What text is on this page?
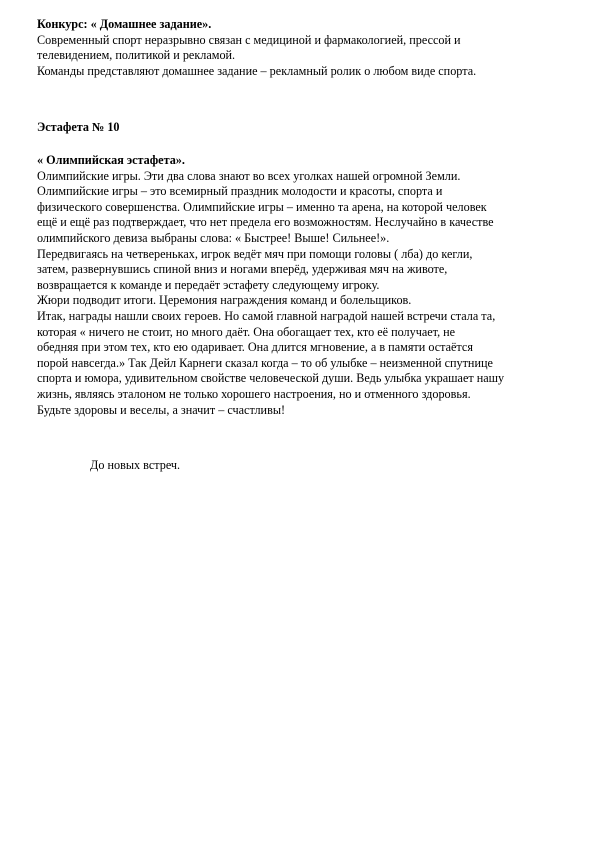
Конкурс: « Домашнее задание».
Современный спорт неразрывно связан с медициной и фармакологией, прессой и
телевидением, политикой и рекламой.
Команды представляют домашнее задание – рекламный ролик о любом виде спорта.
Эстафета № 10
« Олимпийская эстафета».
Олимпийские игры. Эти два слова знают во всех уголках нашей огромной Земли.
Олимпийские игры – это всемирный праздник молодости и красоты, спорта и
физического совершенства. Олимпийские игры – именно та арена, на которой человек
ещё и ещё раз подтверждает, что нет предела его возможностям. Неслучайно в качестве
олимпийского девиза выбраны слова: « Быстрее! Выше! Сильнее!».
Передвигаясь на четвереньках, игрок ведёт мяч при помощи головы ( лба) до кегли,
затем, развернувшись спиной вниз и ногами вперёд, удерживая мяч на животе,
возвращается к команде и передаёт эстафету следующему игроку.
Жюри подводит итоги. Церемония награждения команд и болельщиков.
Итак, награды нашли своих героев. Но самой главной наградой нашей встречи стала та,
которая « ничего не стоит, но много даёт. Она обогащает тех, кто её получает, не
обедняя при этом тех, кто ею одаривает. Она длится мгновение, а в памяти остаётся
порой навсегда.» Так Дейл Карнеги сказал когда – то об улыбке – неизменной спутнице
спорта и юмора, удивительном свойстве человеческой души. Ведь улыбка украшает нашу
жизнь, являясь эталоном не только хорошего настроения, но и отменного здоровья.
Будьте здоровы и веселы, а значит – счастливы!
До новых встреч.
